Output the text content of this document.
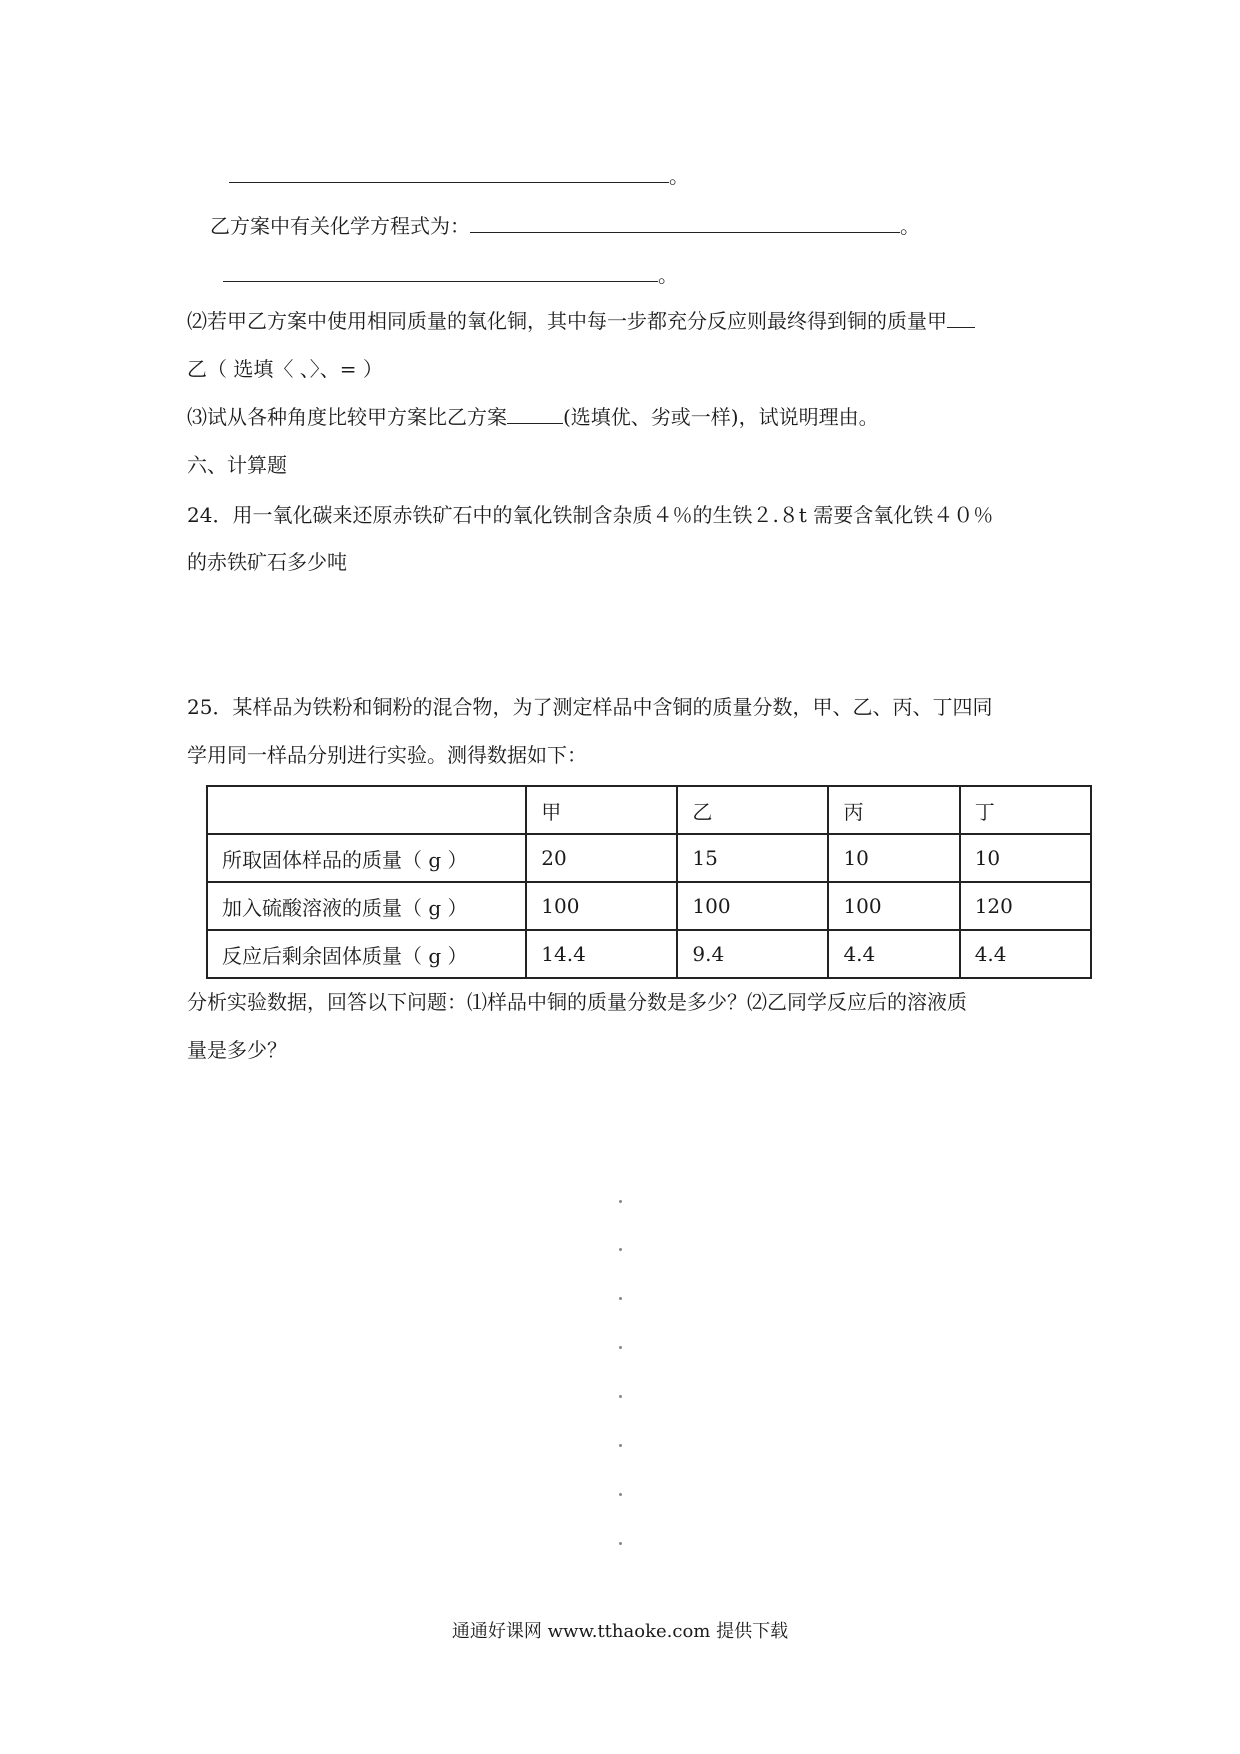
。
乙方案中有关化学方程式为：	。
。
⑵若甲乙方案中使用相同质量的氧化铜，其中每一步都充分反应则最终得到铜的质量甲
乙（ 选填〈 、〉、= ）
⑶试从各种角度比较甲方案比乙方案	(选填优、劣或一样)，试说明理由。
六、计算题
24．用一氧化碳来还原赤铁矿石中的氧化铁制含杂质４％的生铁２.８t 需要含氧化铁４０％
的赤铁矿石多少吨
25．某样品为铁粉和铜粉的混合物，为了测定样品中含铜的质量分数，甲、乙、丙、丁四同
学用同一样品分别进行实验。测得数据如下：
	甲	乙	丙	丁
所取固体样品的质量（ g ）	20	15	10	10
加入硫酸溶液的质量（ g ）	100	100	100	120
反应后剩余固体质量（ g ）	14.4	9.4	4.4	4.4
分析实验数据，回答以下问题：⑴样品中铜的质量分数是多少？⑵乙同学反应后的溶液质
量是多少？
通通好课网 www.tthaoke.com 提供下载
